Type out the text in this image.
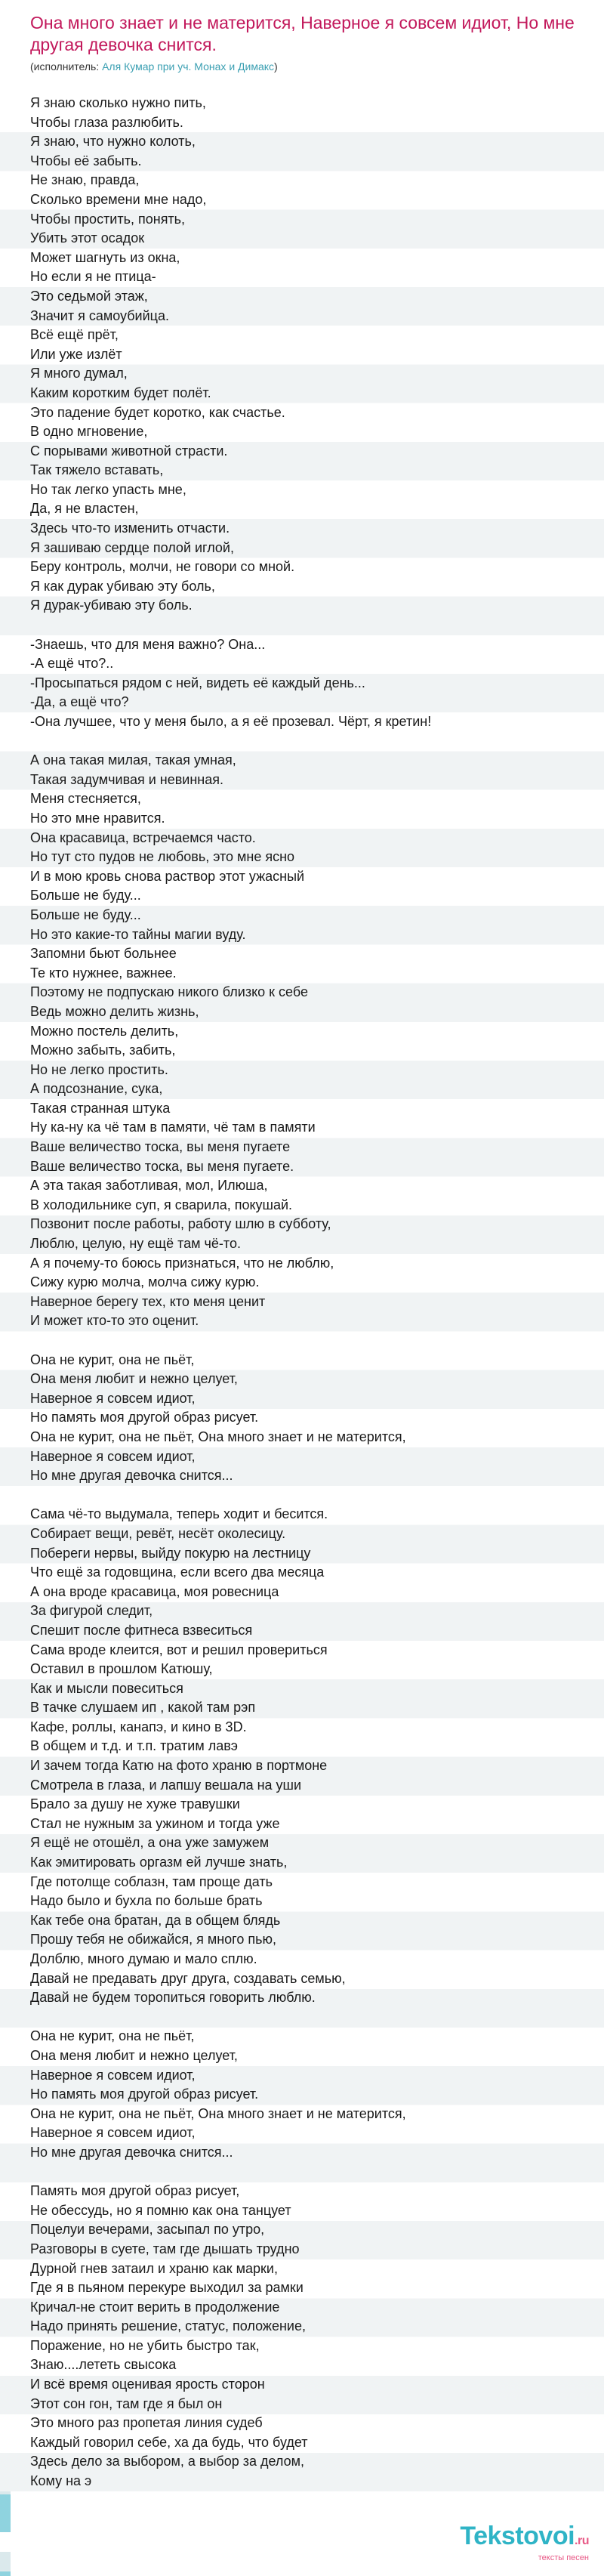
Она много знает и не матерится, Наверное я совсем идиот, Но мне другая девочка снится.
(исполнитель: Аля Кумар при уч. Монах и Димакс)
Я знаю сколько нужно пить,
Чтобы глаза разлюбить.
Я знаю, что нужно колоть,
Чтобы её забыть.
Не знаю, правда,
Сколько времени мне надо,
Чтобы простить, понять,
Убить этот осадок
Может шагнуть из окна,
Но если я не птица-
Это седьмой этаж,
Значит я самоубийца.
Всё ещё прёт,
Или уже излёт
Я много думал,
Каким коротким будет полёт.
Это падение будет коротко, как счастье.
В одно мгновение,
С порывами животной страсти.
Так тяжело вставать,
Но так легко упасть мне,
Да, я не властен,
Здесь что-то изменить отчасти.
Я зашиваю сердце полой иглой,
Беру контроль, молчи, не говори со мной.
Я как дурак убиваю эту боль,
Я дурак-убиваю эту боль.
-Знаешь, что для меня важно? Она...
-А ещё что?..
-Просыпаться рядом с ней, видеть её каждый день...
-Да, а ещё что?
-Она лучшее, что у меня было, а я её прозевал. Чёрт, я кретин!
А она такая милая, такая умная,
Такая задумчивая и невинная.
Меня стесняется,
Но это мне нравится.
Она красавица, встречаемся часто.
Но тут сто пудов не любовь, это мне ясно
И в мою кровь снова раствор этот ужасный
Больше не буду...
Больше не буду...
Но это какие-то тайны магии вуду.
Запомни бьют больнее
Те кто нужнее, важнее.
Поэтому не подпускаю никого близко к себе
Ведь можно делить жизнь,
Можно постель делить,
Можно забыть, забить,
Но не легко простить.
А подсознание, сука,
Такая странная штука
Ну ка-ну ка чё там в памяти, чё там в памяти
Ваше величество тоска, вы меня пугаете
Ваше величество тоска, вы меня пугаете.
А эта такая заботливая, мол, Илюша,
В холодильнике суп, я сварила, покушай.
Позвонит после работы, работу шлю в субботу,
Люблю, целую, ну ещё там чё-то.
А я почему-то боюсь признаться, что не люблю,
Сижу курю молча, молча сижу курю.
Наверное берегу тех, кто меня ценит
И может кто-то это оценит.
Она не курит, она не пьёт,
Она меня любит и нежно целует,
Наверное я совсем идиот,
Но память моя другой образ рисует.
Она не курит, она не пьёт, Она много знает и не матерится,
Наверное я совсем идиот,
Но мне другая девочка снится...
Сама чё-то выдумала, теперь ходит и бесится.
Собирает вещи, ревёт, несёт околесицу.
Побереги нервы, выйду покурю на лестницу
Что ещё за годовщина, если всего два месяца
А она вроде красавица, моя ровесница
За фигурой следит,
Спешит после фитнеса взвеситься
Сама вроде клеится, вот и решил провериться
Оставил в прошлом Катюшу,
Как и мысли повеситься
В тачке слушаем ип , какой там рэп
Кафе, роллы, канапэ, и кино в 3D.
В общем и т.д. и т.п. тратим лавэ
И зачем тогда Катю на фото храню в портмоне
Смотрела в глаза, и лапшу вешала на уши
Брало за душу не хуже травушки
Стал не нужным за ужином и тогда уже
Я ещё не отошёл, а она уже замужем
Как эмитировать оргазм ей лучше знать,
Где потолще соблазн, там проще дать
Надо было и бухла по больше брать
Как тебе она братан, да в общем блядь
Прошу тебя не обижайся, я много пью,
Долблю, много думаю и мало сплю.
Давай не предавать друг друга, создавать семью,
Давай не будем торопиться говорить люблю.
Она не курит, она не пьёт,
Она меня любит и нежно целует,
Наверное я совсем идиот,
Но память моя другой образ рисует.
Она не курит, она не пьёт, Она много знает и не матерится,
Наверное я совсем идиот,
Но мне другая девочка снится...
Память моя другой образ рисует,
Не обессудь, но я помню как она танцует
Поцелуи вечерами, засыпал по утро,
Разговоры в суете, там где дышать трудно
Дурной гнев затаил и храню как марки,
Где я в пьяном перекуре выходил за рамки
Кричал-не стоит верить в продолжение
Надо принять решение, статус, положение,
Поражение, но не убить быстро так,
Знаю....лететь свысока
И всё время оценивая ярость сторон
Этот сон гон, там где я был он
Это много раз пропетая линия судеб
Каждый говорил себе, ха да будь, что будет
Здесь дело за выбором, а выбор за делом,
Кому на э
Tekstovoi.ru
тексты песен
